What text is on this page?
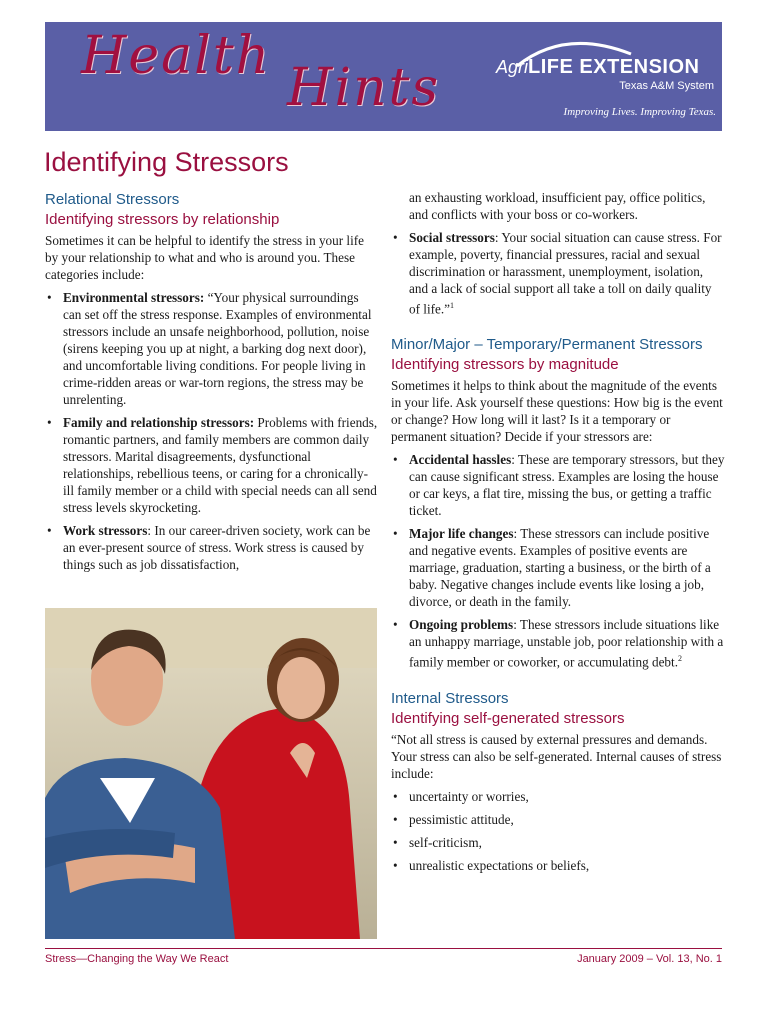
Health
Hints	AgriLIFE EXTENSION
Texas A&M System
Improving Lives. Improving Texas.
Identifying Stressors
Relational Stressors
Identifying stressors by relationship

Sometimes it can be helpful to identify the stress in your life by your relationship to what and who is around you. These categories include:

• Environmental stressors: “Your physical surroundings can set off the stress response. Examples of environmental stressors include an unsafe neighborhood, pollution, noise (sirens keeping you up at night, a barking dog next door), and uncomfortable living conditions. For people living in crime-ridden areas or war-torn regions, the stress may be unrelenting.
• Family and relationship stressors: Problems with friends, romantic partners, and family members are common daily stressors. Marital disagreements, dysfunctional relationships, rebellious teens, or caring for a chronically-ill family member or a child with special needs can all send stress levels skyrocketing.
• Work stressors: In our career-driven society, work can be an ever-present source of stress. Work stress is caused by things such as job dissatisfaction,

an exhausting workload, insufficient pay, office politics, and conflicts with your boss or co-workers.

• Social stressors: Your social situation can cause stress. For example, poverty, financial pressures, racial and sexual discrimination or harassment, unemployment, isolation, and a lack of social support all take a toll on daily quality of life.”$^1$
Minor/Major – Temporary/Permanent Stressors
Identifying stressors by magnitude

Sometimes it helps to think about the magnitude of the events in your life. Ask yourself these questions: How big is the event or change? How long will it last? Is it a temporary or permanent situation? Decide if your stressors are:

• Accidental hassles: These are temporary stressors, but they can cause significant stress. Examples are losing the house or car keys, a flat tire, missing the bus, or getting a traffic ticket.
• Major life changes: These stressors can include positive and negative events. Examples of positive events are marriage, graduation, starting a business, or the birth of a baby. Negative changes include events like losing a job, divorce, or death in the family.
• Ongoing problems: These stressors include situations like an unhappy marriage, unstable job, poor relationship with a family member or coworker, or accumulating debt.$^2$
Internal Stressors
Identifying self-generated stressors

“Not all stress is caused by external pressures and demands. Your stress can also be self-generated. Internal causes of stress include:

• uncertainty or worries,
• pessimistic attitude,
• self-criticism,
• unrealistic expectations or beliefs,
Stress—Changing the Way We React	January 2009 – Vol. 13, No. 1
